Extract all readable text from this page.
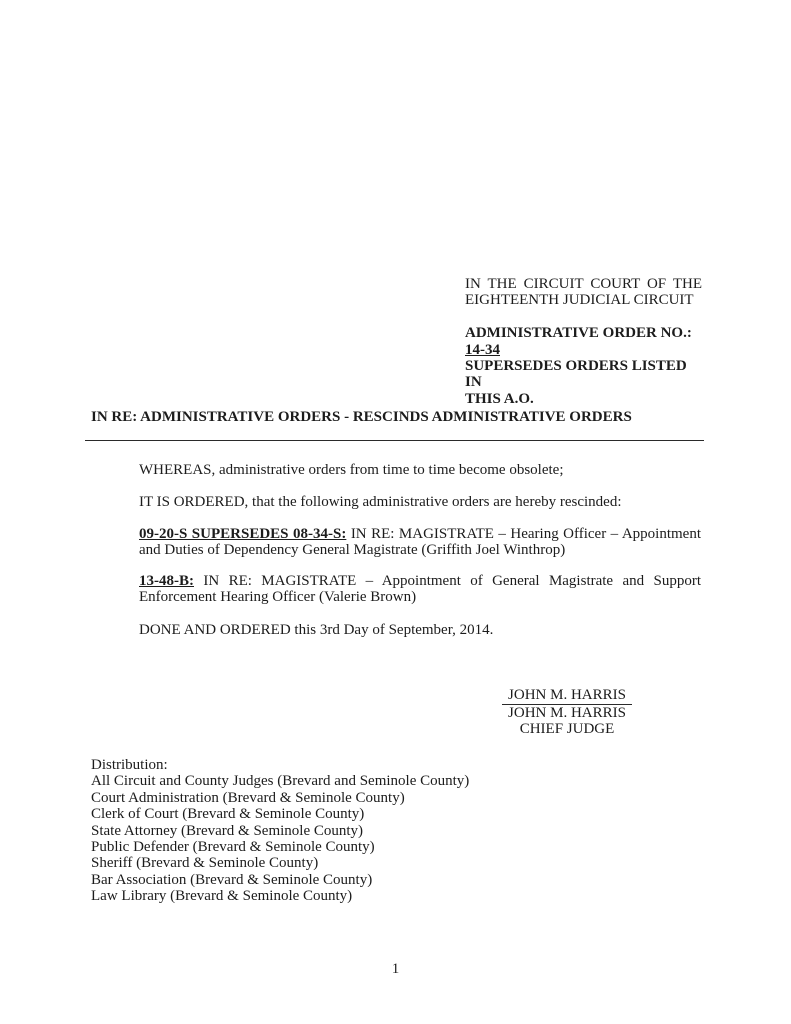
IN THE CIRCUIT COURT OF THE
EIGHTEENTH JUDICIAL CIRCUIT
ADMINISTRATIVE ORDER NO.:
14-34
SUPERSEDES ORDERS LISTED IN
THIS A.O.
IN RE: ADMINISTRATIVE ORDERS - RESCINDS ADMINISTRATIVE ORDERS

WHEREAS, administrative orders from time to time become obsolete;

IT IS ORDERED, that the following administrative orders are hereby rescinded:

09-20-S SUPERSEDES 08-34-S: IN RE: MAGISTRATE – Hearing Officer – Appointment and Duties of Dependency General Magistrate (Griffith Joel Winthrop)

13-48-B: IN RE: MAGISTRATE – Appointment of General Magistrate and Support Enforcement Hearing Officer (Valerie Brown)

DONE AND ORDERED this 3rd Day of September, 2014.

JOHN M. HARRIS
JOHN M. HARRIS
CHIEF JUDGE
Distribution:
All Circuit and County Judges (Brevard and Seminole County)
Court Administration (Brevard & Seminole County)
Clerk of Court (Brevard & Seminole County)
State Attorney (Brevard & Seminole County)
Public Defender (Brevard & Seminole County)
Sheriff (Brevard & Seminole County)
Bar Association (Brevard & Seminole County)
Law Library (Brevard & Seminole County)
1
